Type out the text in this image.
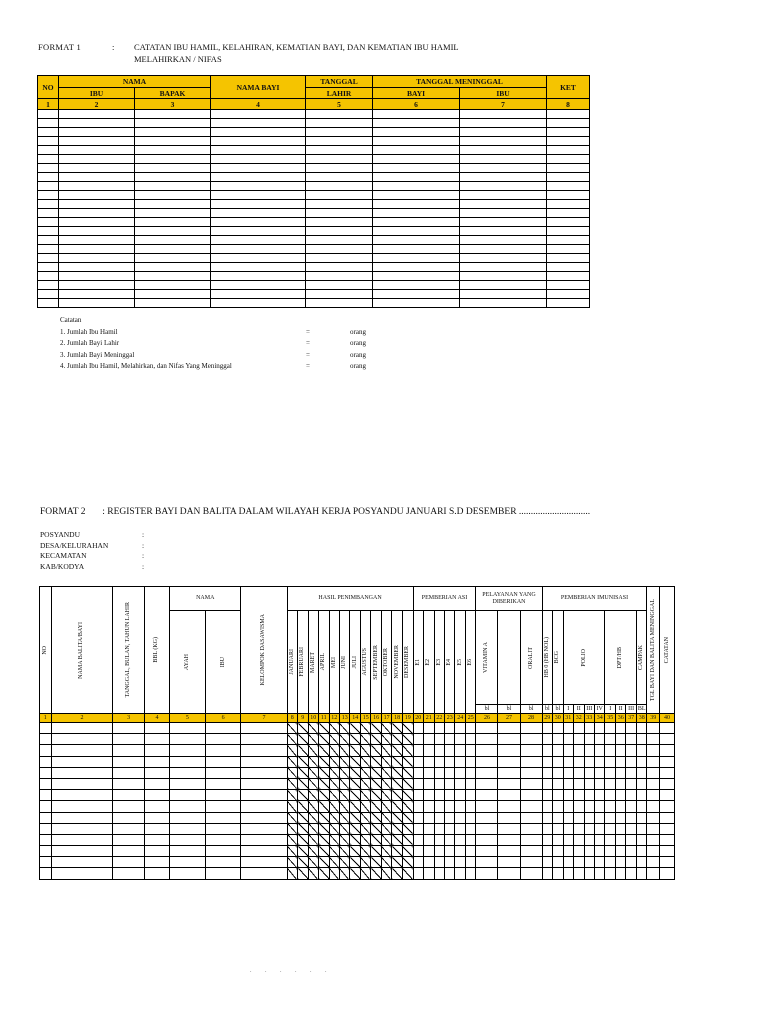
FORMAT 1	: CATATAN IBU HAMIL, KELAHIRAN, KEMATIAN BAYI, DAN KEMATIAN IBU HAMIL MELAHIRKAN / NIFAS
NO	NAMA		NAMA BAYI	TANGGAL	TANGGAL MENINGGAL		KET
	IBU	BAPAK		LAHIR	BAYI	IBU	
1	2	3	4	5	6	7	8

Catatan
1. Jumlah Ibu Hamil	=	orang
2. Jumlah Bayi Lahir	=	orang
3. Jumlah Bayi Meninggal	=	orang
4. Jumlah Ibu Hamil, Melahirkan, dan Nifas Yang Meninggal	=	orang
FORMAT 2 : REGISTER BAYI DAN BALITA DALAM WILAYAH KERJA POSYANDU JANUARI S.D DESEMBER ..............................
POSYANDU	:
DESA/KELURAHAN	:
KECAMATAN	:
KAB/KODYA	:
NO	NAMA BALITA/BAYI	TANGGAL, BULAN, TAHUN LAHIR	BBL (KG)	NAMA		KELOMPOK DASAWISMA	HASIL PENIMBANGAN												PEMBERIAN ASI						PELAYANAN YANG DIBERIKAN			PEMBERIAN IMUNISASI										TGL BAYI DAN BALITA MENINGGAL	CATATAN

				AYAH	IBU		JANUARI	FEBRUARI	MARET	APRIL	MEI	JUNI	JULI	AGUSTUS	SEPTEMBER	OKTOBER	NOVEMBER	DESEMBER	E1	E2	E3	E4	E5	E6	VITAMIN A		ORALIT	HB 0 (HB NOL)	BCG	POLIO				DPT/HB			CAMPAK		

																									bl	bl	bl	bl	bl	I	II	III	IV	I	II	III	BL		
1	2	3	4	5	6	7	8	9	10	11	12	13	14	15	16	17	18	19	20	21	22	23	24	25	26	27	28	29	30	31	32	33	34	35	36	37	38	39	40

. . . . . .
